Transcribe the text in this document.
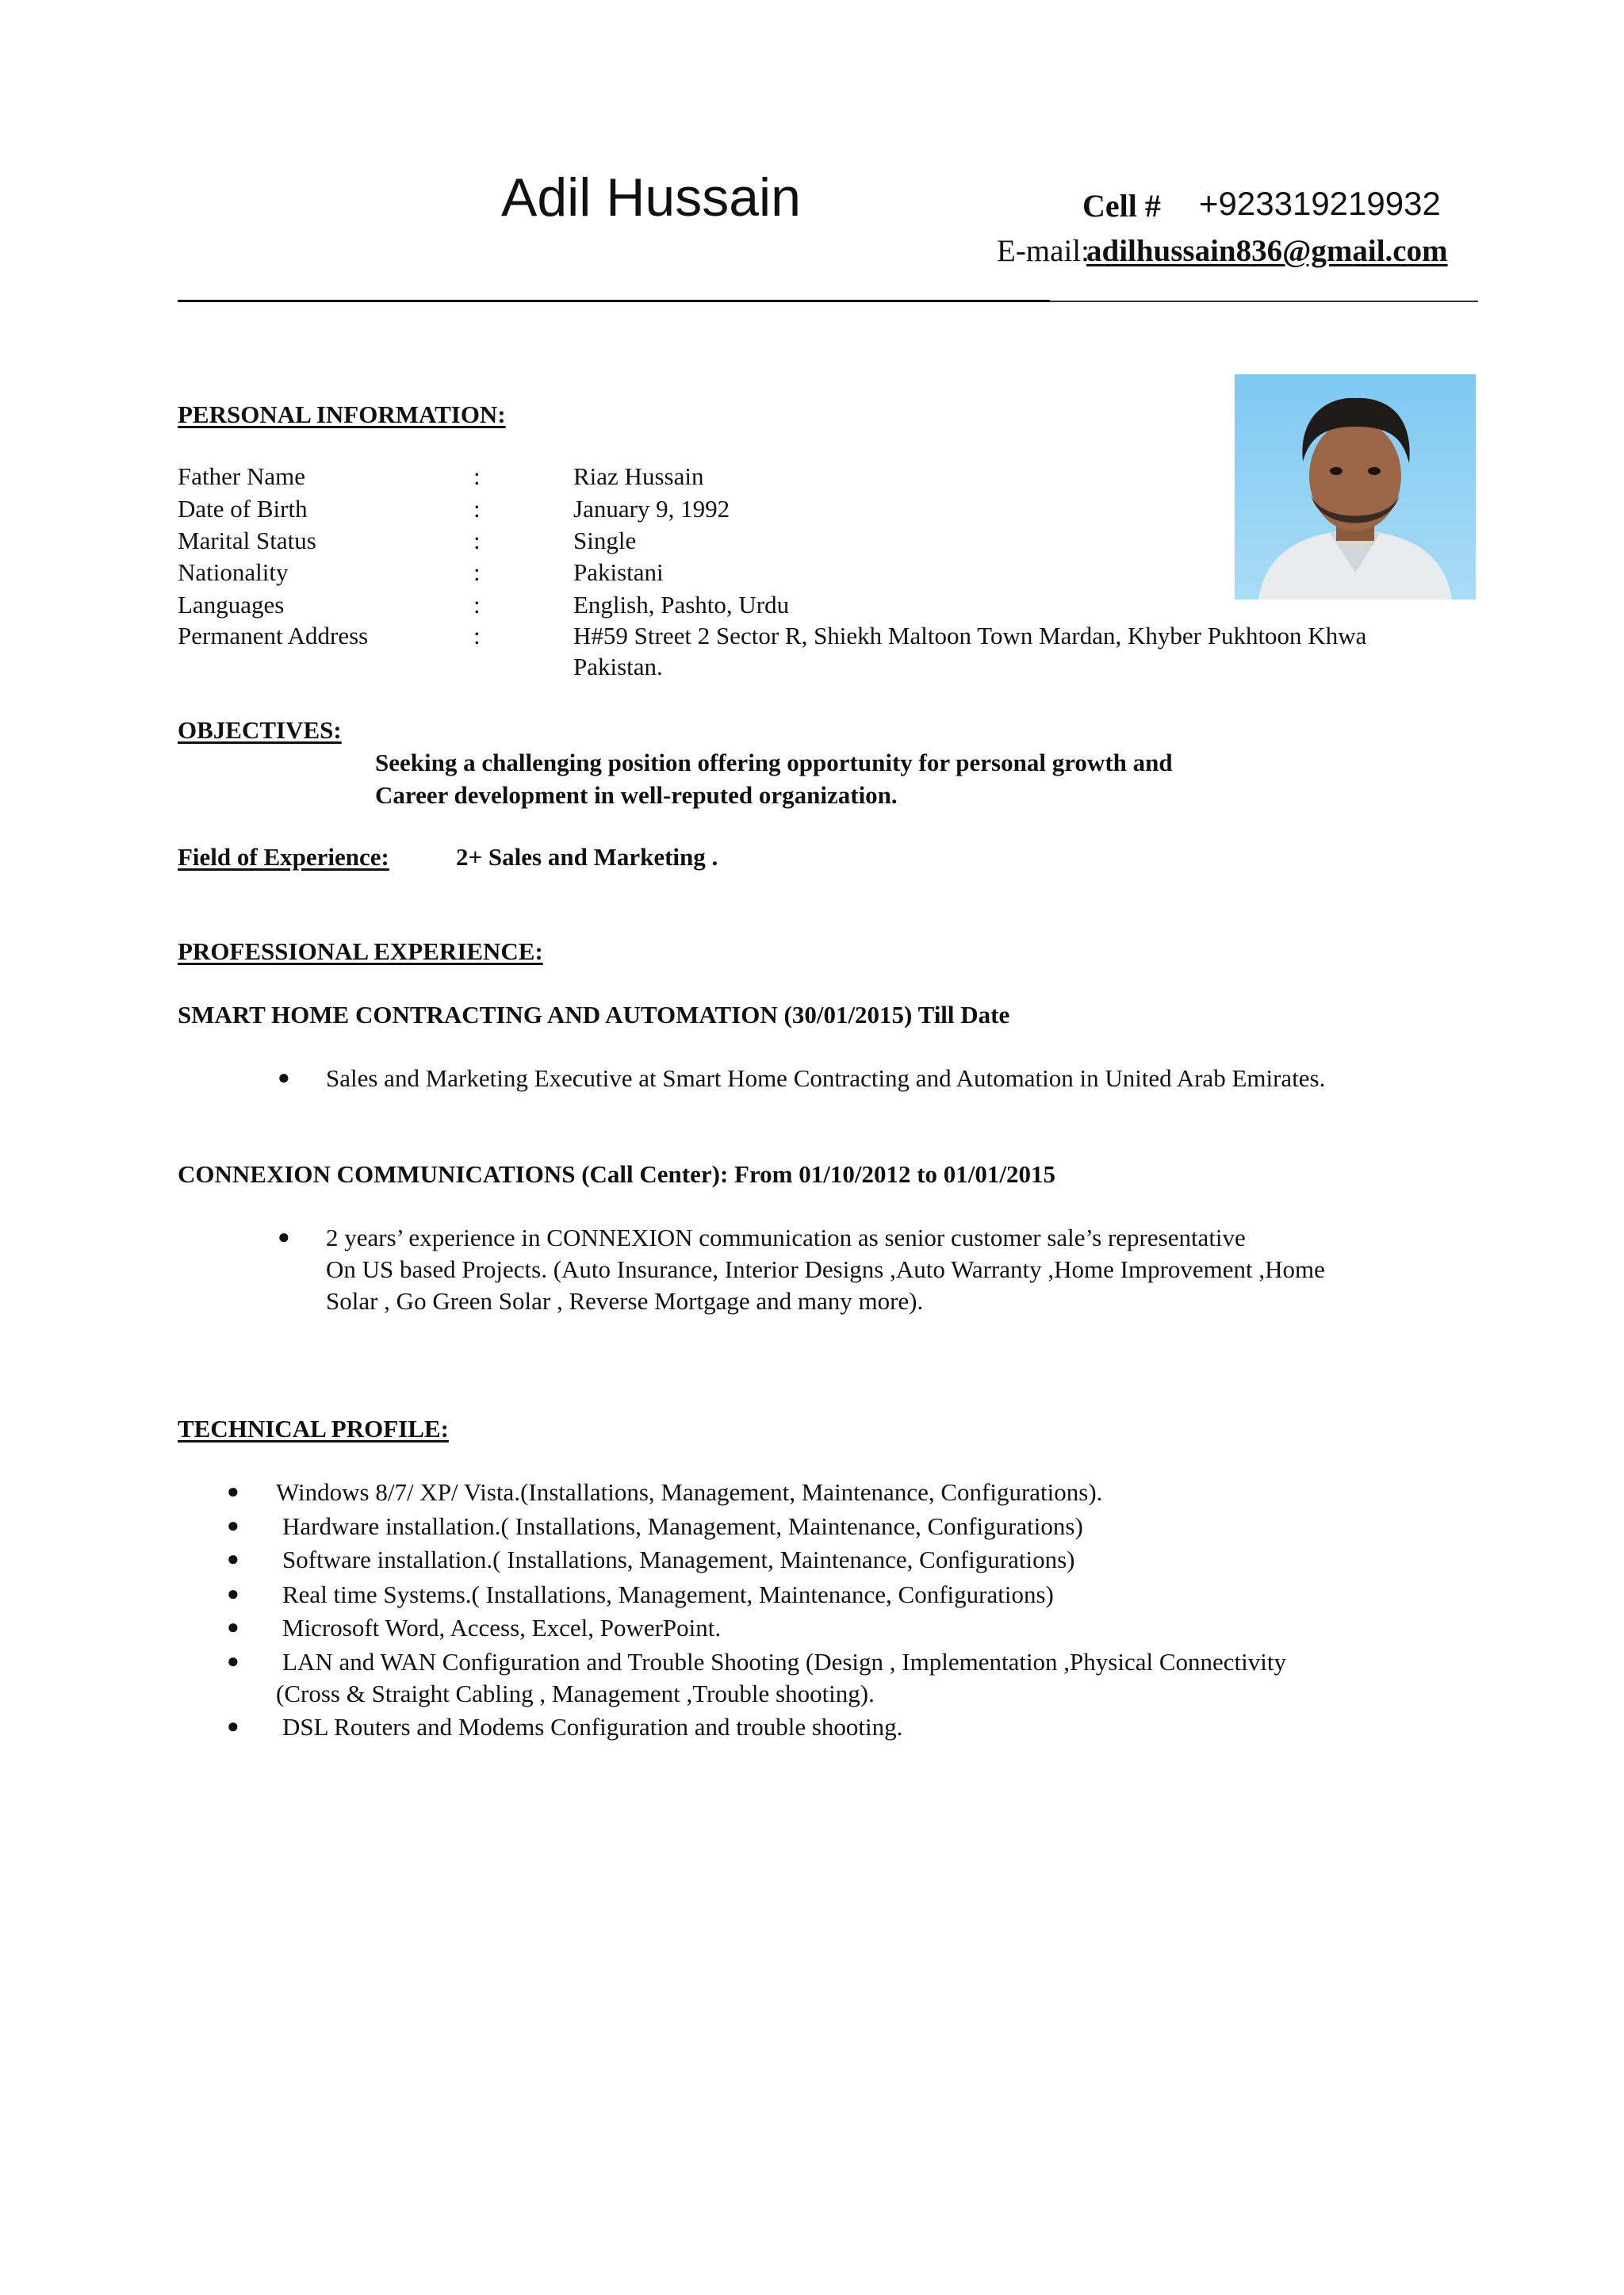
Adil Hussain	Cell # +923319219932
E-mail:
adilhussain836@gmail.com
PERSONAL INFORMATION:
Father Name	:	Riaz Hussain
Date of Birth	:	January 9, 1992
Marital Status	:	Single
Nationality	:	Pakistani
Languages	:	English, Pashto, Urdu
Permanent Address	:	H#59 Street 2 Sector R, Shiekh Maltoon Town Mardan, Khyber Pukhtoon Khwa
Pakistan.
OBJECTIVES:
Seeking a challenging position offering opportunity for personal growth and
Career development in well-reputed organization.
Field of Experience:	2+ Sales and Marketing .
PROFESSIONAL EXPERIENCE:
SMART HOME CONTRACTING AND AUTOMATION (30/01/2015) Till Date
● Sales and Marketing Executive at Smart Home Contracting and Automation in United Arab Emirates.
CONNEXION COMMUNICATIONS (Call Center): From 01/10/2012 to 01/01/2015
● 2 years’ experience in CONNEXION communication as senior customer sale’s representative
On US based Projects. (Auto Insurance, Interior Designs ,Auto Warranty ,Home Improvement ,Home
Solar , Go Green Solar , Reverse Mortgage and many more).
TECHNICAL PROFILE:
● Windows 8/7/ XP/ Vista.(Installations, Management, Maintenance, Configurations).
● Hardware installation.( Installations, Management, Maintenance, Configurations)
● Software installation.( Installations, Management, Maintenance, Configurations)
● Real time Systems.( Installations, Management, Maintenance, Configurations)
● Microsoft Word, Access, Excel, PowerPoint.
● LAN and WAN Configuration and Trouble Shooting (Design , Implementation ,Physical Connectivity
(Cross & Straight Cabling , Management ,Trouble shooting).
● DSL Routers and Modems Configuration and trouble shooting.
